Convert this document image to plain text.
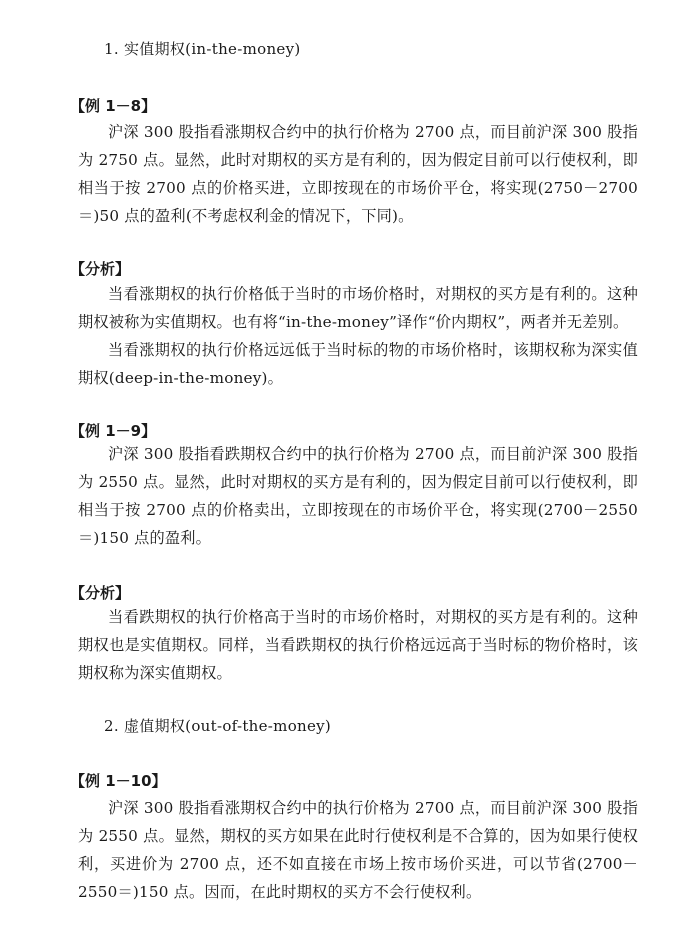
1. 实值期权(in-the-money)
【例 1－8】

沪深 300 股指看涨期权合约中的执行价格为 2700 点，而目前沪深 300 股指为 2750 点。显然，此时对期权的买方是有利的，因为假定目前可以行使权利，即相当于按 2700 点的价格买进，立即按现在的市场价平仓，将实现(2750－2700＝)50 点的盈利(不考虑权利金的情况下，下同)。

【分析】

当看涨期权的执行价格低于当时的市场价格时，对期权的买方是有利的。这种期权被称为实值期权。也有将“in-the-money”译作“价内期权”，两者并无差别。

当看涨期权的执行价格远远低于当时标的物的市场价格时，该期权称为深实值期权(deep-in-the-money)。

【例 1－9】

沪深 300 股指看跌期权合约中的执行价格为 2700 点，而目前沪深 300 股指为 2550 点。显然，此时对期权的买方是有利的，因为假定目前可以行使权利，即相当于按 2700 点的价格卖出，立即按现在的市场价平仓，将实现(2700－2550＝)150 点的盈利。

【分析】

当看跌期权的执行价格高于当时的市场价格时，对期权的买方是有利的。这种期权也是实值期权。同样，当看跌期权的执行价格远远高于当时标的物价格时，该期权称为深实值期权。

2. 虚值期权(out-of-the-money)
【例 1－10】

沪深 300 股指看涨期权合约中的执行价格为 2700 点，而目前沪深 300 股指为 2550 点。显然，期权的买方如果在此时行使权利是不合算的，因为如果行使权利，买进价为 2700 点，还不如直接在市场上按市场价买进，可以节省(2700－2550＝)150 点。因而，在此时期权的买方不会行使权利。
